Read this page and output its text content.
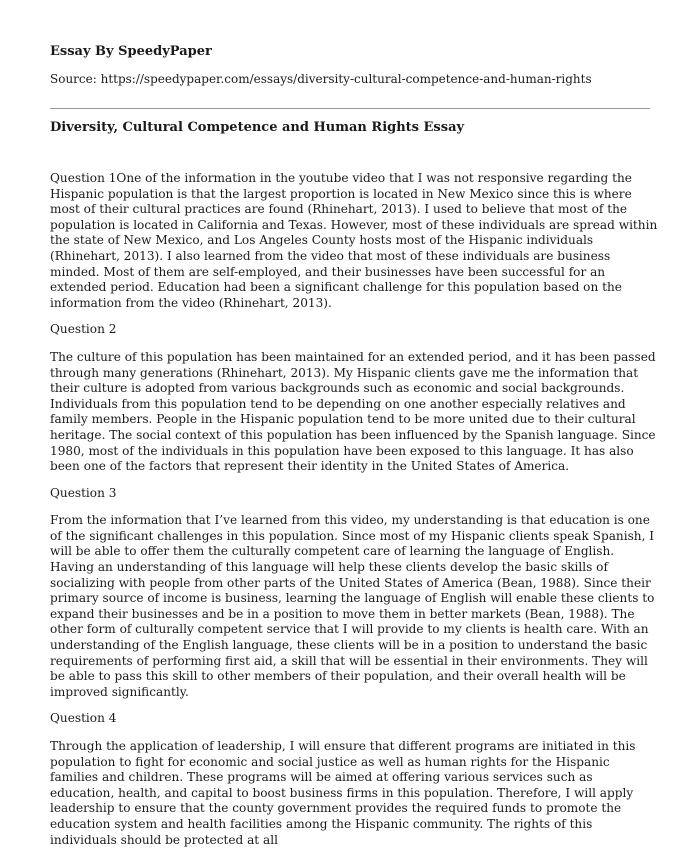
Essay By SpeedyPaper
Source: https://speedypaper.com/essays/diversity-cultural-competence-and-human-rights
Diversity, Cultural Competence and Human Rights Essay

Question 1One of the information in the youtube video that I was not responsive regarding the Hispanic population is that the largest proportion is located in New Mexico since this is where most of their cultural practices are found (Rhinehart, 2013). I used to believe that most of the population is located in California and Texas. However, most of these individuals are spread within the state of New Mexico, and Los Angeles County hosts most of the Hispanic individuals (Rhinehart, 2013). I also learned from the video that most of these individuals are business minded. Most of them are self-employed, and their businesses have been successful for an extended period. Education had been a significant challenge for this population based on the information from the video (Rhinehart, 2013).

Question 2

The culture of this population has been maintained for an extended period, and it has been passed through many generations (Rhinehart, 2013). My Hispanic clients gave me the information that their culture is adopted from various backgrounds such as economic and social backgrounds. Individuals from this population tend to be depending on one another especially relatives and family members. People in the Hispanic population tend to be more united due to their cultural heritage. The social context of this population has been influenced by the Spanish language. Since 1980, most of the individuals in this population have been exposed to this language. It has also been one of the factors that represent their identity in the United States of America.

Question 3

From the information that I’ve learned from this video, my understanding is that education is one of the significant challenges in this population. Since most of my Hispanic clients speak Spanish, I will be able to offer them the culturally competent care of learning the language of English. Having an understanding of this language will help these clients develop the basic skills of socializing with people from other parts of the United States of America (Bean, 1988). Since their primary source of income is business, learning the language of English will enable these clients to expand their businesses and be in a position to move them in better markets (Bean, 1988). The other form of culturally competent service that I will provide to my clients is health care. With an understanding of the English language, these clients will be in a position to understand the basic requirements of performing first aid, a skill that will be essential in their environments. They will be able to pass this skill to other members of their population, and their overall health will be improved significantly.

Question 4

Through the application of leadership, I will ensure that different programs are initiated in this population to fight for economic and social justice as well as human rights for the Hispanic families and children. These programs will be aimed at offering various services such as education, health, and capital to boost business firms in this population. Therefore, I will apply leadership to ensure that the county government provides the required funds to promote the education system and health facilities among the Hispanic community. The rights of this individuals should be protected at all
